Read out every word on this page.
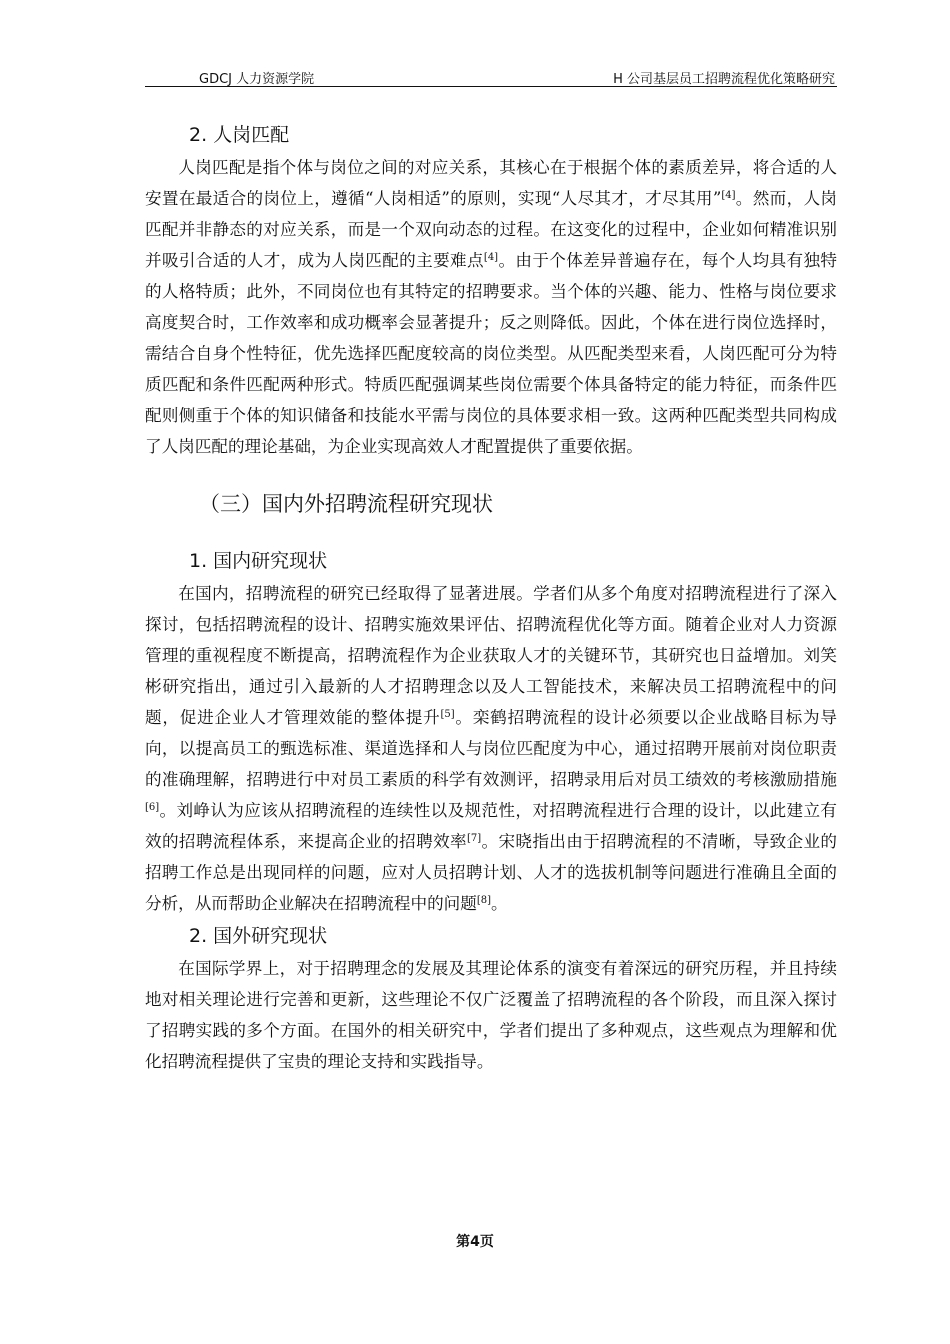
GDCJ 人力资源学院	H 公司基层员工招聘流程优化策略研究
2. 人岗匹配

人岗匹配是指个体与岗位之间的对应关系，其核心在于根据个体的素质差异，将合适的人安置在最适合的岗位上，遵循“人岗相适”的原则，实现“人尽其才，才尽其用”[4]。然而，人岗匹配并非静态的对应关系，而是一个双向动态的过程。在这变化的过程中，企业如何精准识别并吸引合适的人才，成为人岗匹配的主要难点[4]。由于个体差异普遍存在，每个人均具有独特的人格特质；此外，不同岗位也有其特定的招聘要求。当个体的兴趣、能力、性格与岗位要求高度契合时，工作效率和成功概率会显著提升；反之则降低。因此，个体在进行岗位选择时，需结合自身个性特征，优先选择匹配度较高的岗位类型。从匹配类型来看，人岗匹配可分为特质匹配和条件匹配两种形式。特质匹配强调某些岗位需要个体具备特定的能力特征，而条件匹配则侧重于个体的知识储备和技能水平需与岗位的具体要求相一致。这两种匹配类型共同构成了人岗匹配的理论基础，为企业实现高效人才配置提供了重要依据。

（三）国内外招聘流程研究现状
1. 国内研究现状

在国内，招聘流程的研究已经取得了显著进展。学者们从多个角度对招聘流程进行了深入探讨，包括招聘流程的设计、招聘实施效果评估、招聘流程优化等方面。随着企业对人力资源管理的重视程度不断提高，招聘流程作为企业获取人才的关键环节，其研究也日益增加。刘笑彬研究指出，通过引入最新的人才招聘理念以及人工智能技术，来解决员工招聘流程中的问题，促进企业人才管理效能的整体提升[5]。栾鹤招聘流程的设计必须要以企业战略目标为导向，以提高员工的甄选标准、渠道选择和人与岗位匹配度为中心，通过招聘开展前对岗位职责的准确理解，招聘进行中对员工素质的科学有效测评，招聘录用后对员工绩效的考核激励措施[6]。刘峥认为应该从招聘流程的连续性以及规范性，对招聘流程进行合理的设计，以此建立有效的招聘流程体系，来提高企业的招聘效率[7]。宋晓指出由于招聘流程的不清晰，导致企业的招聘工作总是出现同样的问题，应对人员招聘计划、人才的选拔机制等问题进行准确且全面的分析，从而帮助企业解决在招聘流程中的问题[8]。

2. 国外研究现状

在国际学界上，对于招聘理念的发展及其理论体系的演变有着深远的研究历程，并且持续地对相关理论进行完善和更新，这些理论不仅广泛覆盖了招聘流程的各个阶段，而且深入探讨了招聘实践的多个方面。在国外的相关研究中，学者们提出了多种观点，这些观点为理解和优化招聘流程提供了宝贵的理论支持和实践指导。

第4页
